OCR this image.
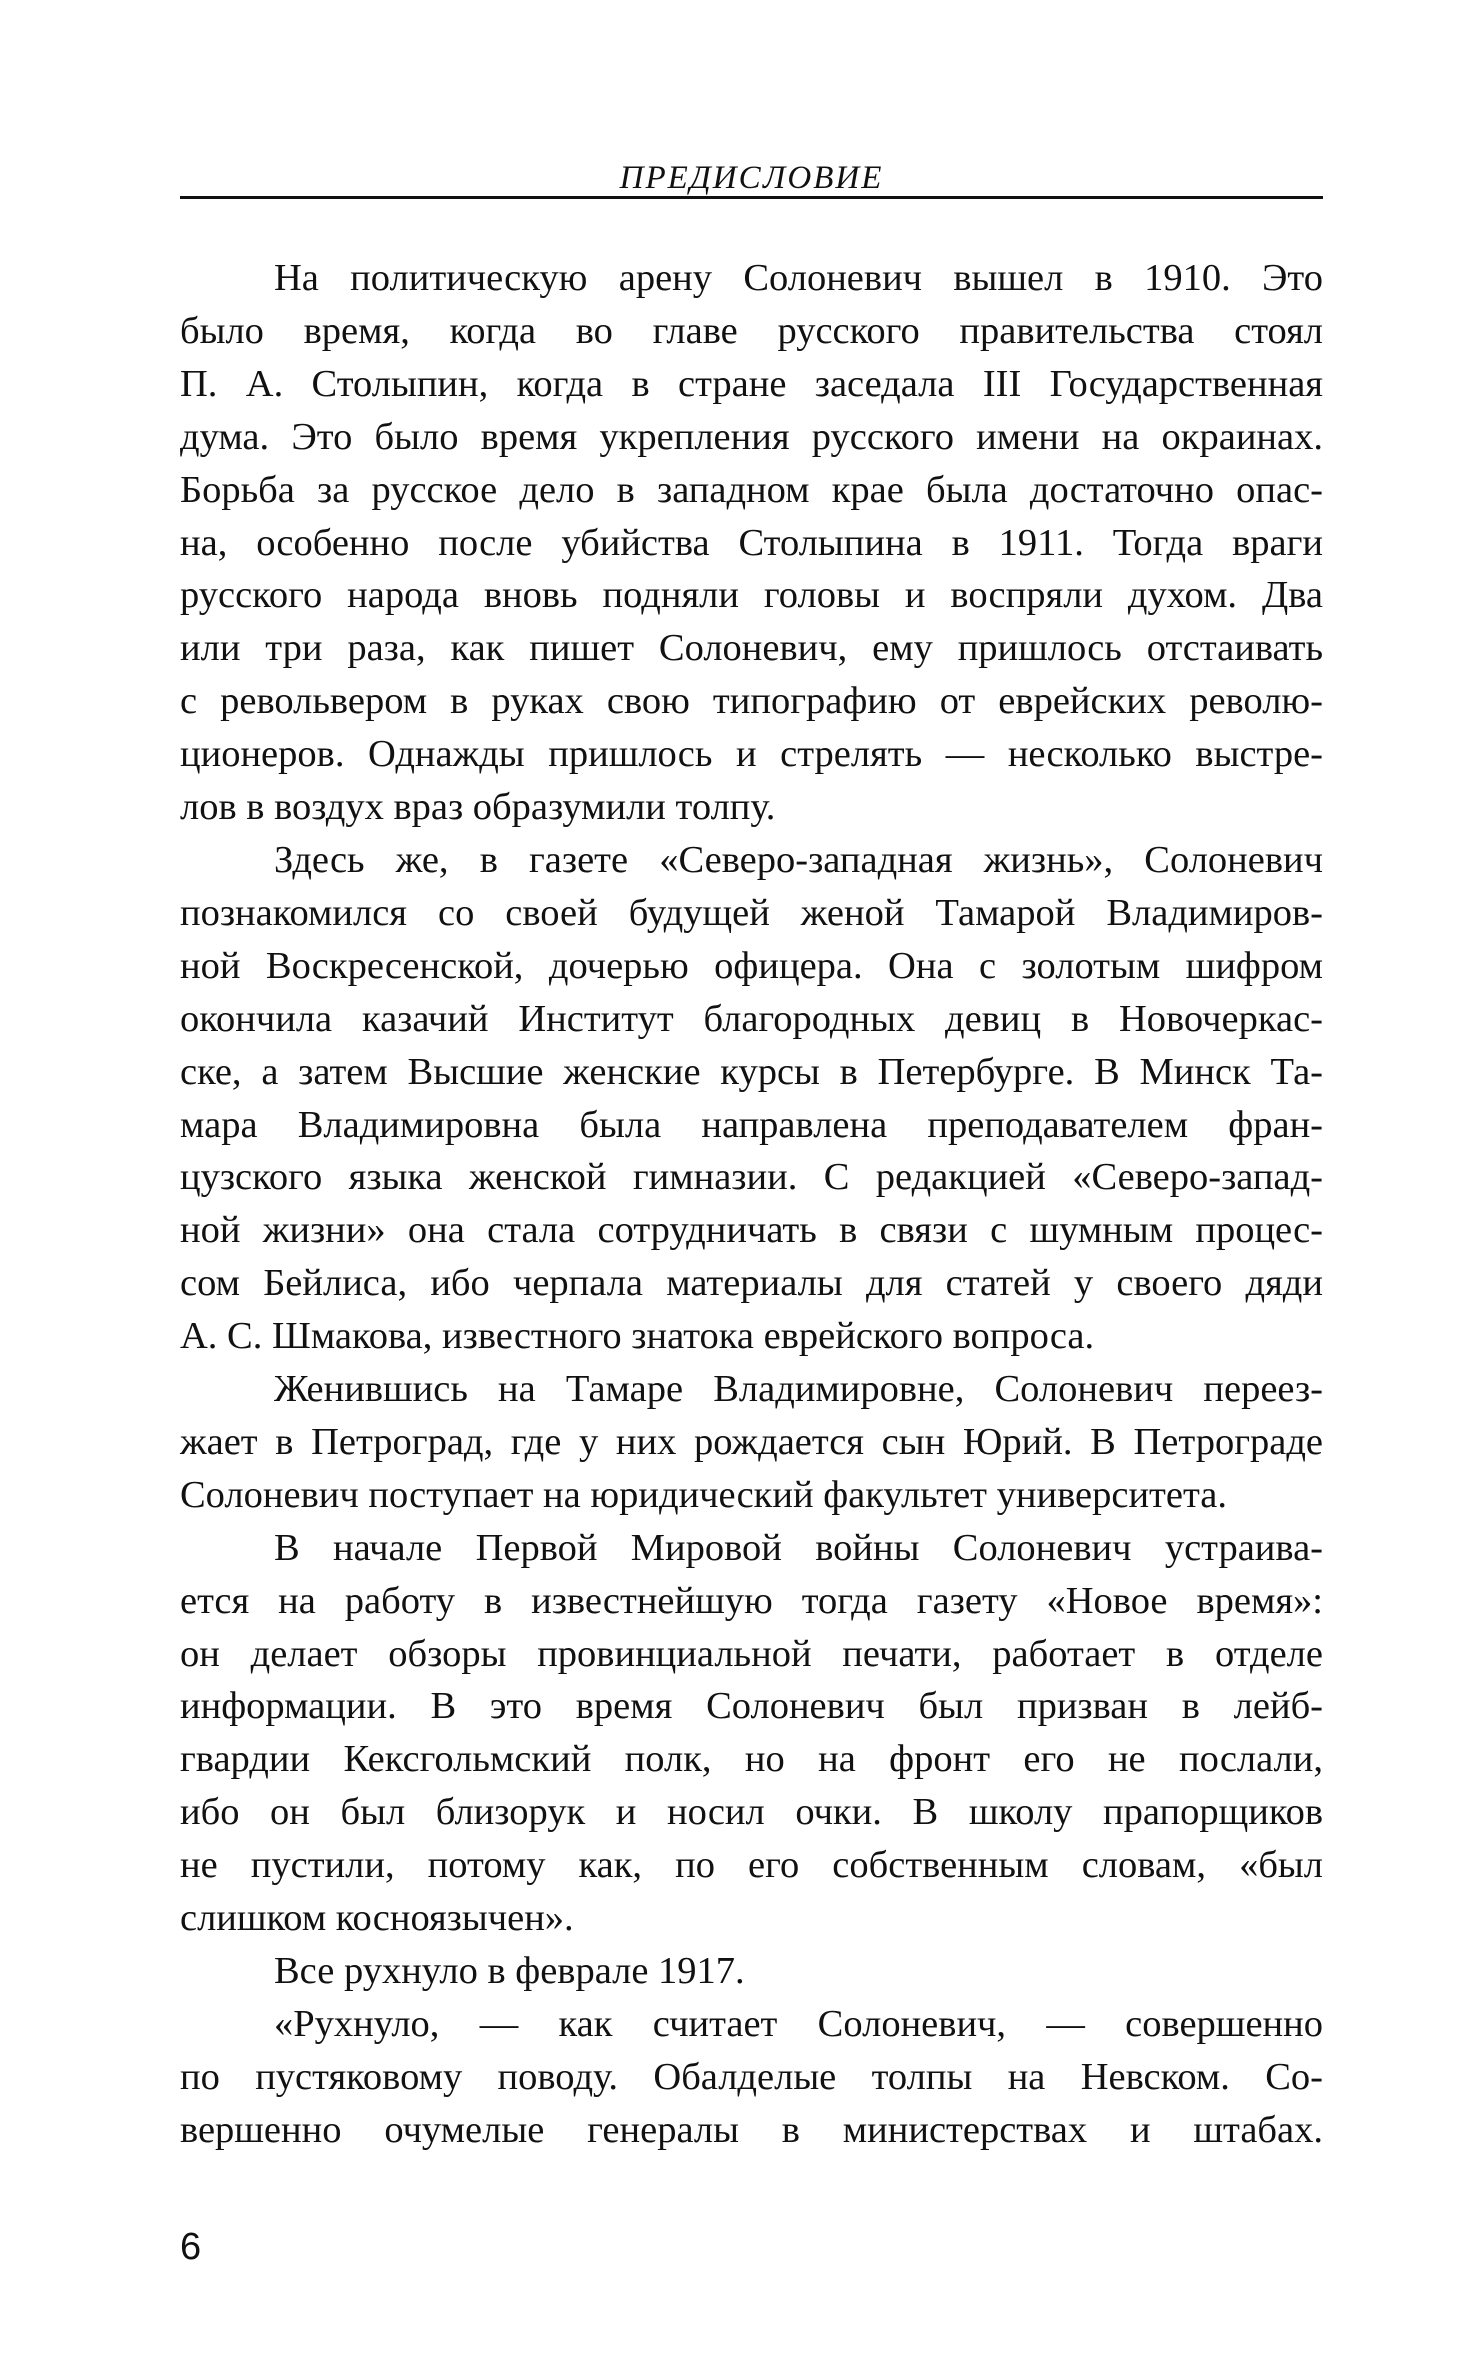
ПРЕДИСЛОВИЕ

На политическую арену Солоневич вышел в 1910. Это
было время, когда во главе русского правительства стоял
П. А. Столыпин, когда в стране заседала III Государственная
дума. Это было время укрепления русского имени на окраинах.
Борьба за русское дело в западном крае была достаточно опас-
на, особенно после убийства Столыпина в 1911. Тогда враги
русского народа вновь подняли головы и воспряли духом. Два
или три раза, как пишет Солоневич, ему пришлось отстаивать
с револьвером в руках свою типографию от еврейских револю-
ционеров. Однажды пришлось и стрелять — несколько выстре-
лов в воздух враз образумили толпу.

Здесь же, в газете «Северо-западная жизнь», Солоневич
познакомился со своей будущей женой Тамарой Владимиров-
ной Воскресенской, дочерью офицера. Она с золотым шифром
окончила казачий Институт благородных девиц в Новочеркас-
ске, а затем Высшие женские курсы в Петербурге. В Минск Та-
мара Владимировна была направлена преподавателем фран-
цузского языка женской гимназии. С редакцией «Северо-запад-
ной жизни» она стала сотрудничать в связи с шумным процес-
сом Бейлиса, ибо черпала материалы для статей у своего дяди
А. С. Шмакова, известного знатока еврейского вопроса.

Женившись на Тамаре Владимировне, Солоневич переез-
жает в Петроград, где у них рождается сын Юрий. В Петрограде
Солоневич поступает на юридический факультет университета.

В начале Первой Мировой войны Солоневич устраива-
ется на работу в известнейшую тогда газету «Новое время»:
он делает обзоры провинциальной печати, работает в отделе
информации. В это время Солоневич был призван в лейб-
гвардии Кексгольмский полк, но на фронт его не послали,
ибо он был близорук и носил очки. В школу прапорщиков
не пустили, потому как, по его собственным словам, «был
слишком косноязычен».

Все рухнуло в феврале 1917.

«Рухнуло, — как считает Солоневич, — совершенно
по пустяковому поводу. Обалделые толпы на Невском. Со-
вершенно очумелые генералы в министерствах и штабах.

6
